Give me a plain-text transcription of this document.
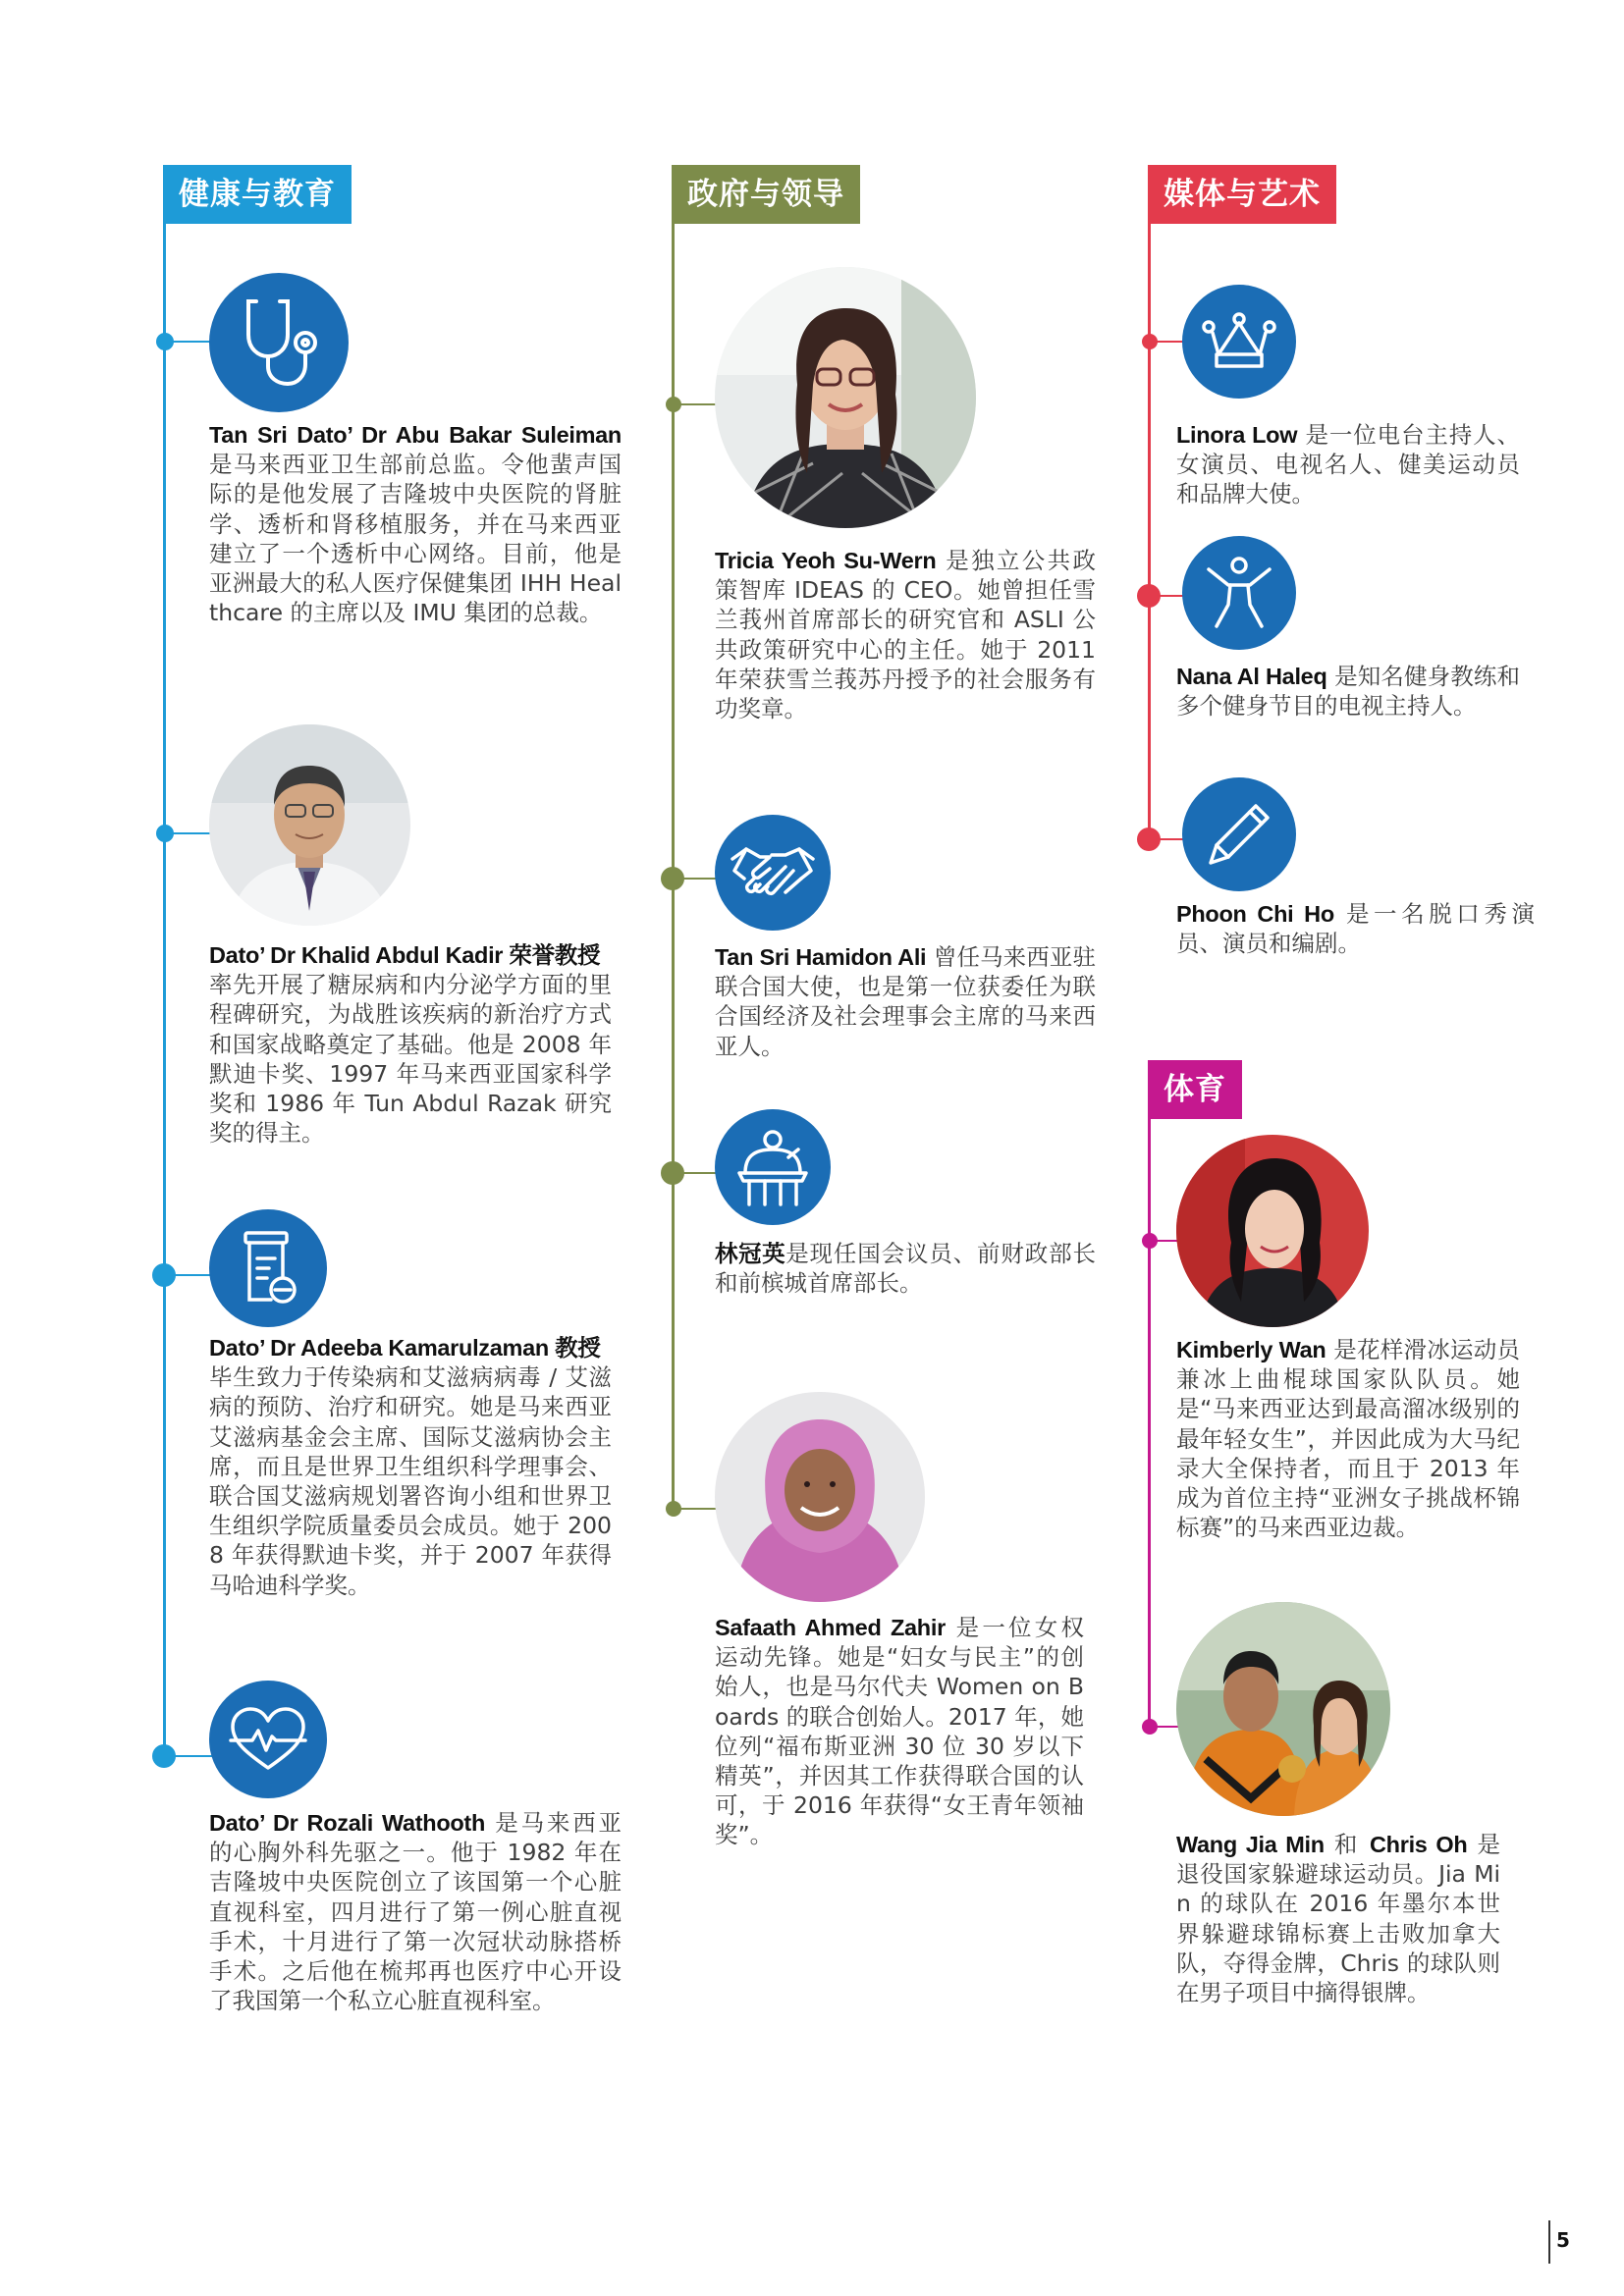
健康与教育	政府与领导	媒体与艺术
体育
Tan Sri Dato’ Dr Abu Bakar Suleiman是马来西亚卫生部前总监。令他蜚声国际的是他发展了吉隆坡中央医院的肾脏学、透析和肾移植服务，并在马来西亚建立了一个透析中心网络。目前，他是亚洲最大的私人医疗保健集团 IHH Healthcare 的主席以及 IMU 集团的总裁。
Dato’ Dr Khalid Abdul Kadir 荣誉教授
率先开展了糖尿病和内分泌学方面的里程碑研究，为战胜该疾病的新治疗方式和国家战略奠定了基础。他是 2008 年默迪卡奖、1997 年马来西亚国家科学奖和 1986 年 Tun Abdul Razak 研究奖的得主。
Dato’ Dr Adeeba Kamarulzaman 教授
毕生致力于传染病和艾滋病病毒 / 艾滋病的预防、治疗和研究。她是马来西亚艾滋病基金会主席、国际艾滋病协会主席，而且是世界卫生组织科学理事会、联合国艾滋病规划署咨询小组和世界卫生组织学院质量委员会成员。她于 2008 年获得默迪卡奖，并于 2007 年获得马哈迪科学奖。
Dato’ Dr Rozali Wathooth 是马来西亚的心胸外科先驱之一。他于 1982 年在吉隆坡中央医院创立了该国第一个心脏直视科室，四月进行了第一例心脏直视手术，十月进行了第一次冠状动脉搭桥手术。之后他在梳邦再也医疗中心开设了我国第一个私立心脏直视科室。
Tricia Yeoh Su-Wern 是独立公共政策智库 IDEAS 的 CEO。她曾担任雪兰莪州首席部长的研究官和 ASLI 公共政策研究中心的主任。她于 2011 年荣获雪兰莪苏丹授予的社会服务有功奖章。
Tan Sri Hamidon Ali 曾任马来西亚驻联合国大使，也是第一位获委任为联合国经济及社会理事会主席的马来西亚人。
林冠英是现任国会议员、前财政部长和前槟城首席部长。
Safaath Ahmed Zahir 是一位女权运动先锋。她是“妇女与民主”的创始人，也是马尔代夫 Women on Boards 的联合创始人。2017 年，她位列“福布斯亚洲 30 位 30 岁以下精英”，并因其工作获得联合国的认可，于 2016 年获得“女王青年领袖奖”。
Linora Low 是一位电台主持人、女演员、电视名人、健美运动员和品牌大使。
Nana Al Haleq 是知名健身教练和多个健身节目的电视主持人。
Phoon Chi Ho 是一名脱口秀演员、演员和编剧。
Kimberly Wan 是花样滑冰运动员兼冰上曲棍球国家队队员。她是“马来西亚达到最高溜冰级别的最年轻女生”，并因此成为大马纪录大全保持者，而且于 2013 年成为首位主持“亚洲女子挑战杯锦标赛”的马来西亚边裁。
Wang Jia Min 和 Chris Oh 是退役国家躲避球运动员。Jia Min 的球队在 2016 年墨尔本世界躲避球锦标赛上击败加拿大队，夺得金牌，Chris 的球队则在男子项目中摘得银牌。
5
